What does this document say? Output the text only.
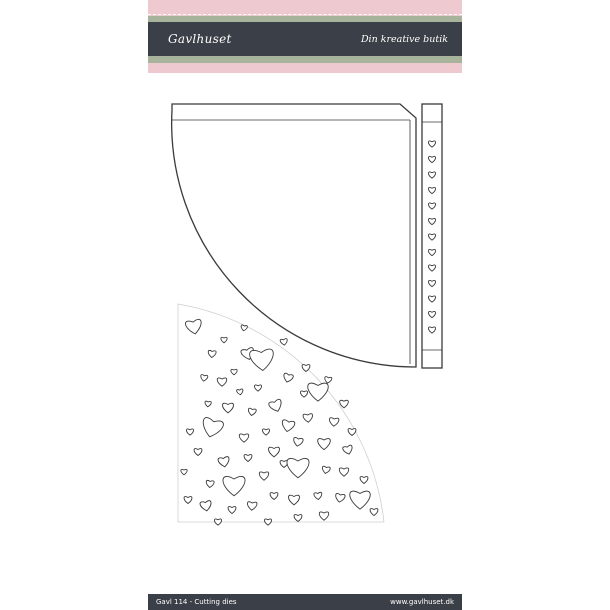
Gavlhuset	Din kreative butik
Gavl 114 - Cutting dies	www.gavlhuset.dk
